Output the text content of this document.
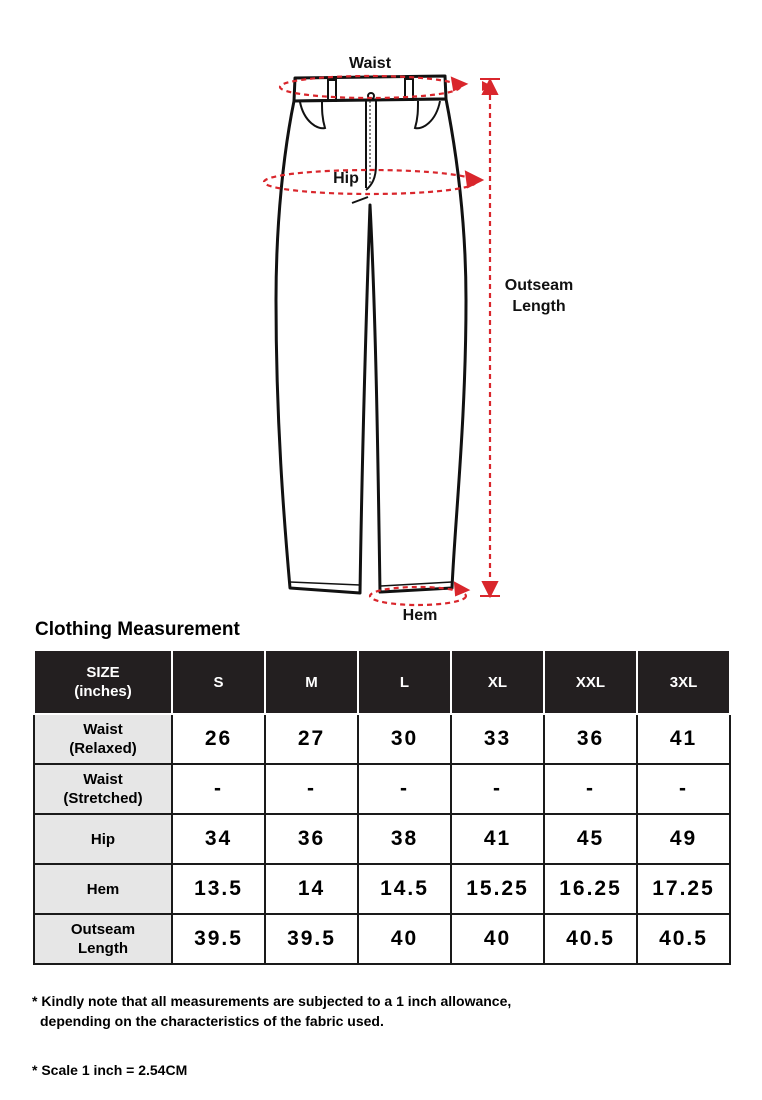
Waist
Hip
Outseam
Length
Hem
Clothing Measurement
SIZE
(inches)	S	M	L	XL	XXL	3XL

Waist
(Relaxed)	26	27	30	33	36	41

Waist
(Stretched)	-	-	-	-	-	-

Hip	34	36	38	41	45	49

Hem	13.5	14	14.5	15.25	16.25	17.25

Outseam
Length	39.5	39.5	40	40	40.5	40.5
* Kindly note that all measurements are subjected to a 1 inch allowance,
depending on the characteristics of the fabric used.
* Scale 1 inch = 2.54CM
